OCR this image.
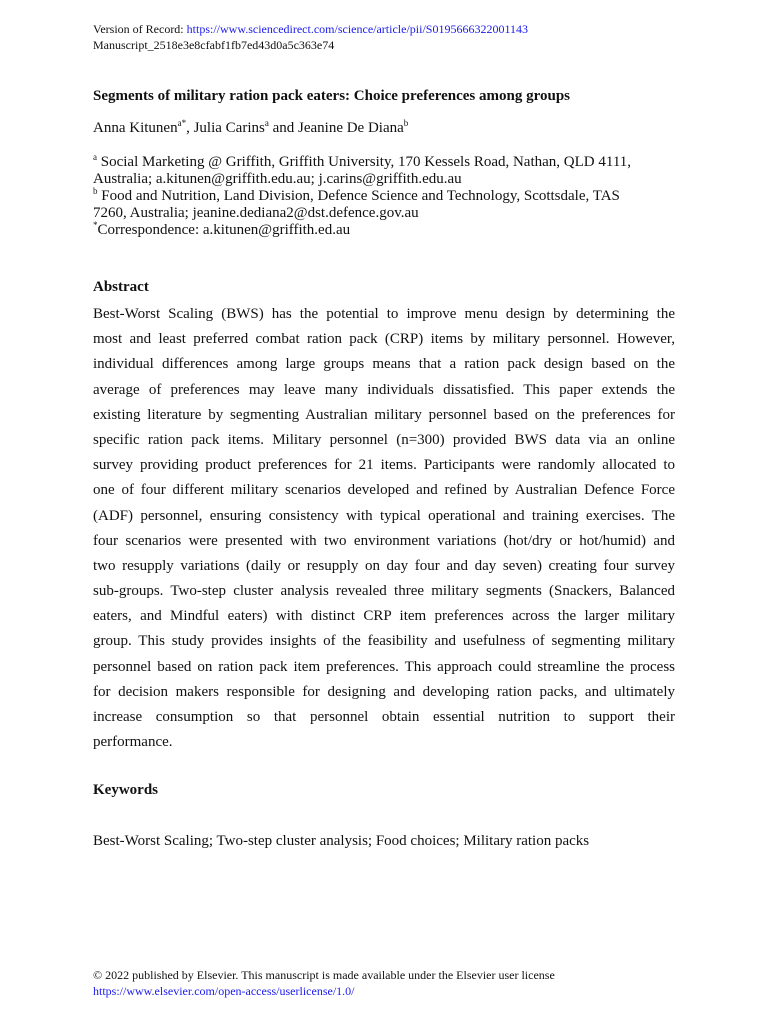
Version of Record: https://www.sciencedirect.com/science/article/pii/S0195666322001143
Manuscript_2518e3e8cfabf1fb7ed43d0a5c363e74
Segments of military ration pack eaters: Choice preferences among groups
Anna Kitunen$^{a*}$, Julia Carins$^a$ and Jeanine De Diana$^b$
$^a$ Social Marketing @ Griffith, Griffith University, 170 Kessels Road, Nathan, QLD 4111,
Australia; a.kitunen@griffith.edu.au; j.carins@griffith.edu.au
$^b$ Food and Nutrition, Land Division, Defence Science and Technology, Scottsdale, TAS
7260, Australia; jeanine.dediana2@dst.defence.gov.au
*Correspondence: a.kitunen@griffith.ed.au
Abstract
Best-Worst Scaling (BWS) has the potential to improve menu design by determining the
most and least preferred combat ration pack (CRP) items by military personnel. However,
individual differences among large groups means that a ration pack design based on the
average of preferences may leave many individuals dissatisfied. This paper extends the
existing literature by segmenting Australian military personnel based on the preferences for
specific ration pack items. Military personnel (n=300) provided BWS data via an online
survey providing product preferences for 21 items. Participants were randomly allocated to
one of four different military scenarios developed and refined by Australian Defence Force
(ADF) personnel, ensuring consistency with typical operational and training exercises. The
four scenarios were presented with two environment variations (hot/dry or hot/humid) and
two resupply variations (daily or resupply on day four and day seven) creating four survey
sub-groups. Two-step cluster analysis revealed three military segments (Snackers, Balanced
eaters, and Mindful eaters) with distinct CRP item preferences across the larger military
group. This study provides insights of the feasibility and usefulness of segmenting military
personnel based on ration pack item preferences. This approach could streamline the process
for decision makers responsible for designing and developing ration packs, and ultimately
increase consumption so that personnel obtain essential nutrition to support their
performance.
Keywords
Best-Worst Scaling; Two-step cluster analysis; Food choices; Military ration packs
© 2022 published by Elsevier. This manuscript is made available under the Elsevier user license
https://www.elsevier.com/open-access/userlicense/1.0/
